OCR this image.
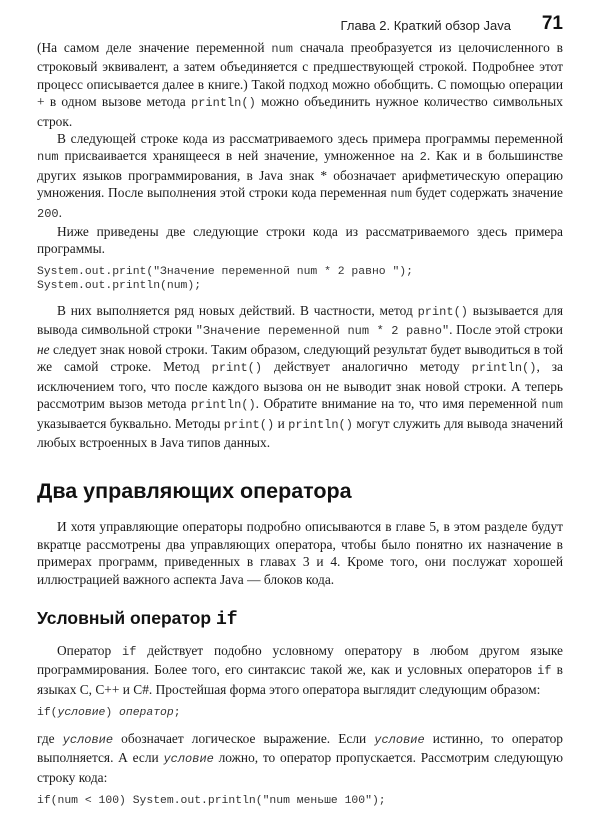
Глава 2. Краткий обзор Java 71

(На самом деле значение переменной num сначала преобразуется из целочисленного в строковый эквивалент, а затем объединяется с предшествующей строкой. Подробнее этот процесс описывается далее в книге.) Такой подход можно обобщить. С помощью операции + в одном вызове метода println() можно объединить нужное количество символьных строк.

В следующей строке кода из рассматриваемого здесь примера программы переменной num присваивается хранящееся в ней значение, умноженное на 2. Как и в большинстве других языков программирования, в Java знак * обозначает арифметическую операцию умножения. После выполнения этой строки кода переменная num будет содержать значение 200.

Ниже приведены две следующие строки кода из рассматриваемого здесь примера программы.

System.out.print("Значение переменной num * 2 равно ");
System.out.println(num);

В них выполняется ряд новых действий. В частности, метод print() вызывается для вывода символьной строки "Значение переменной num * 2 равно". После этой строки не следует знак новой строки. Таким образом, следующий результат будет выводиться в той же самой строке. Метод print() действует аналогично методу println(), за исключением того, что после каждого вызова он не выводит знак новой строки. А теперь рассмотрим вызов метода println(). Обратите внимание на то, что имя переменной num указывается буквально. Методы print() и println() могут служить для вывода значений любых встроенных в Java типов данных.

Два управляющих оператора

И хотя управляющие операторы подробно описываются в главе 5, в этом разделе будут вкратце рассмотрены два управляющих оператора, чтобы было понятно их назначение в примерах программ, приведенных в главах 3 и 4. Кроме того, они послужат хорошей иллюстрацией важного аспекта Java — блоков кода.

Условный оператор if

Оператор if действует подобно условному оператору в любом другом языке программирования. Более того, его синтаксис такой же, как и условных операторов if в языках С, C++ и C#. Простейшая форма этого оператора выглядит следующим образом:

if(условие) оператор;

где условие обозначает логическое выражение. Если условие истинно, то оператор выполняется. А если условие ложно, то оператор пропускается. Рассмотрим следующую строку кода:

if(num < 100) System.out.println("num меньше 100");
